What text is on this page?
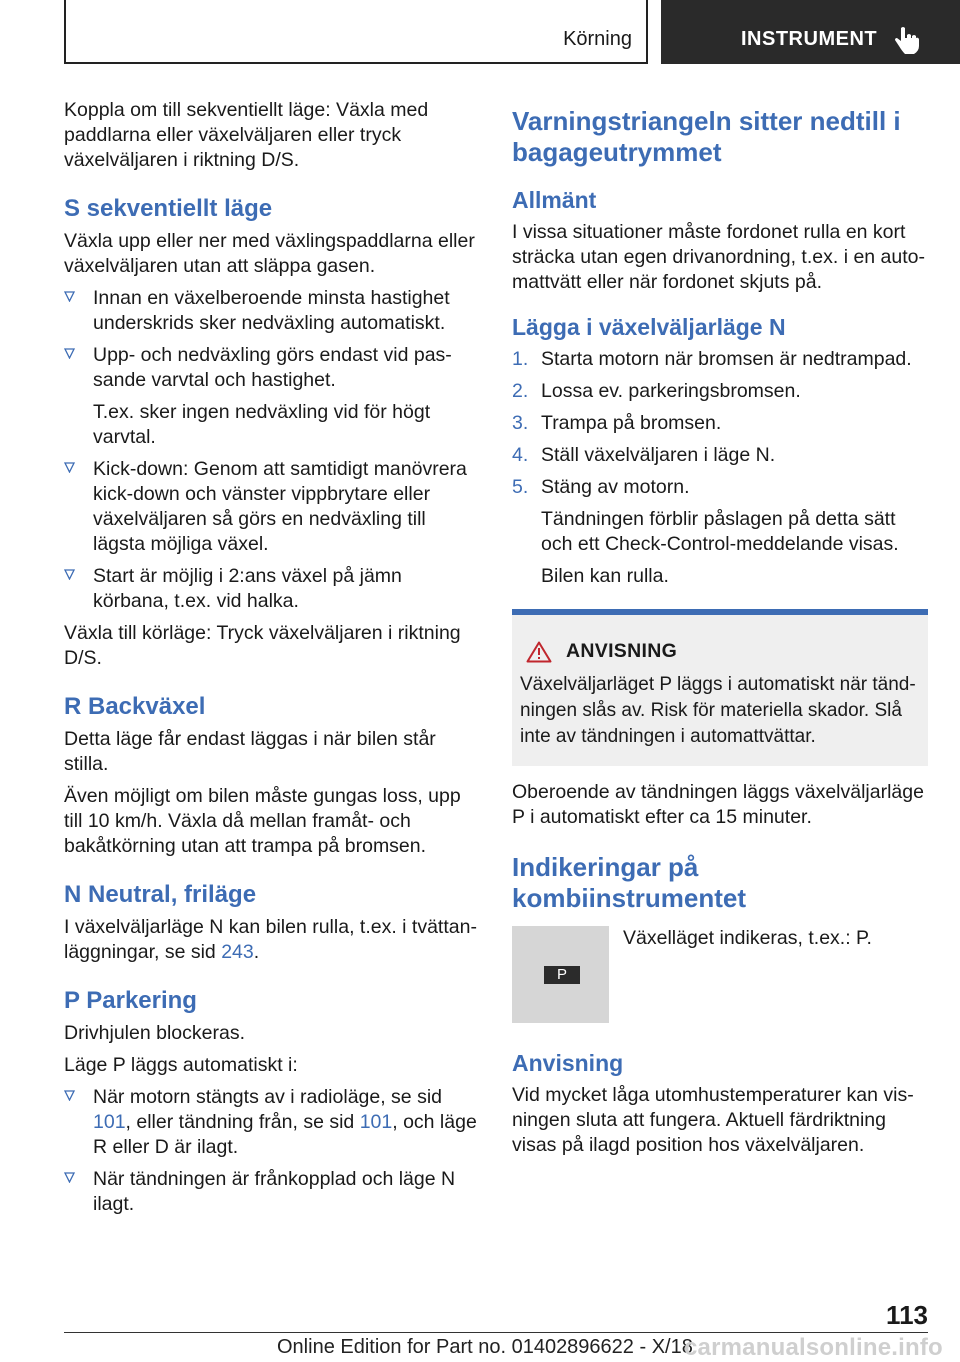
Körning	INSTRUMENT

Koppla om till sekventiellt läge: Växla med paddlarna eller växelväljaren eller tryck växelväljaren i riktning D/S.

S sekventiellt läge

Växla upp eller ner med växlingspaddlarna eller växelväljaren utan att släppa gasen.

Innan en växelberoende minsta hastighet underskrids sker nedväxling automatiskt.
Upp- och nedväxling görs endast vid passande varvtal och hastighet.
T.ex. sker ingen nedväxling vid för högt varvtal.
Kick-down: Genom att samtidigt manövrera kick-down och vänster vippbrytare eller växelväljaren så görs en nedväxling till lägsta möjliga växel.
Start är möjlig i 2:ans växel på jämn körbana, t.ex. vid halka.

Växla till körläge: Tryck växelväljaren i riktning D/S.

R Backväxel

Detta läge får endast läggas i när bilen står stilla.

Även möjligt om bilen måste gungas loss, upp till 10 km/h. Växla då mellan framåt- och bakåtkörning utan att trampa på bromsen.

N Neutral, friläge

I växelväljarläge N kan bilen rulla, t.ex. i tvättanläggningar, se sid 243.

P Parkering

Drivhjulen blockeras.

Läge P läggs automatiskt i:

När motorn stängts av i radioläge, se sid 101, eller tändning från, se sid 101, och läge R eller D är ilagt.
När tändningen är frånkopplad och läge N ilagt.
Varningstriangeln sitter nedtill i bagageutrymmet
Allmänt

I vissa situationer måste fordonet rulla en kort sträcka utan egen drivanordning, t.ex. i en automattvätt eller när fordonet skjuts på.

Lägga i växelväljarläge N
1. Starta motorn när bromsen är nedtrampad.
2. Lossa ev. parkeringsbromsen.
3. Trampa på bromsen.
4. Ställ växelväljaren i läge N.
5. Stäng av motorn.
Tändningen förblir påslagen på detta sätt och ett Check-Control-meddelande visas.
Bilen kan rulla.
ANVISNING
Växelväljarläget P läggs i automatiskt när tändningen slås av. Risk för materiella skador. Slå inte av tändningen i automattvättar.

Oberoende av tändningen läggs växelväljarläge P i automatiskt efter ca 15 minuter.

Indikeringar på kombiinstrumentet
P
Växelläget indikeras, t.ex.: P.
Anvisning

Vid mycket låga utomhustemperaturer kan visningen sluta att fungera. Aktuell färdriktning visas på ilagd position hos växelväljaren.

113
Online Edition for Part no. 01402896622 - X/18
carmanualsonline.info
